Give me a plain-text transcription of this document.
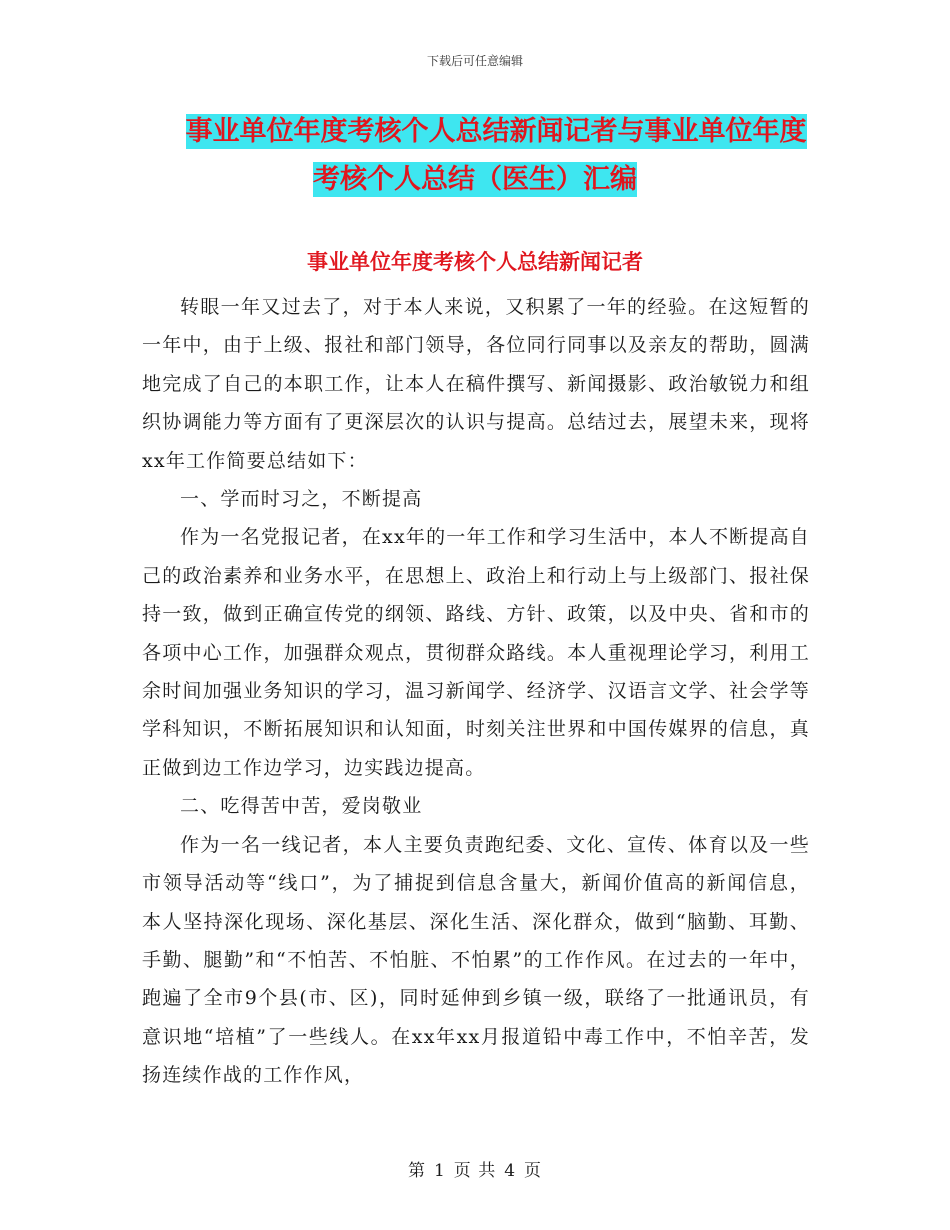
下载后可任意编辑
事业单位年度考核个人总结新闻记者与事业单位年度
考核个人总结（医生）汇编
事业单位年度考核个人总结新闻记者

转眼一年又过去了，对于本人来说，又积累了一年的经验。在这短暂的一年中，由于上级、报社和部门领导，各位同行同事以及亲友的帮助，圆满地完成了自己的本职工作，让本人在稿件撰写、新闻摄影、政治敏锐力和组织协调能力等方面有了更深层次的认识与提高。总结过去，展望未来，现将xx年工作简要总结如下：

一、学而时习之，不断提高

作为一名党报记者，在xx年的一年工作和学习生活中，本人不断提高自己的政治素养和业务水平，在思想上、政治上和行动上与上级部门、报社保持一致，做到正确宣传党的纲领、路线、方针、政策，以及中央、省和市的各项中心工作，加强群众观点，贯彻群众路线。本人重视理论学习，利用工余时间加强业务知识的学习，温习新闻学、经济学、汉语言文学、社会学等学科知识，不断拓展知识和认知面，时刻关注世界和中国传媒界的信息，真正做到边工作边学习，边实践边提高。

二、吃得苦中苦，爱岗敬业

作为一名一线记者，本人主要负责跑纪委、文化、宣传、体育以及一些市领导活动等“线口”，为了捕捉到信息含量大，新闻价值高的新闻信息，本人坚持深化现场、深化基层、深化生活、深化群众，做到“脑勤、耳勤、手勤、腿勤”和“不怕苦、不怕脏、不怕累”的工作作风。在过去的一年中，跑遍了全市9个县(市、区)，同时延伸到乡镇一级，联络了一批通讯员，有意识地“培植”了一些线人。在xx年xx月报道铅中毒工作中，不怕辛苦，发扬连续作战的工作作风，

第 1 页 共 4 页
